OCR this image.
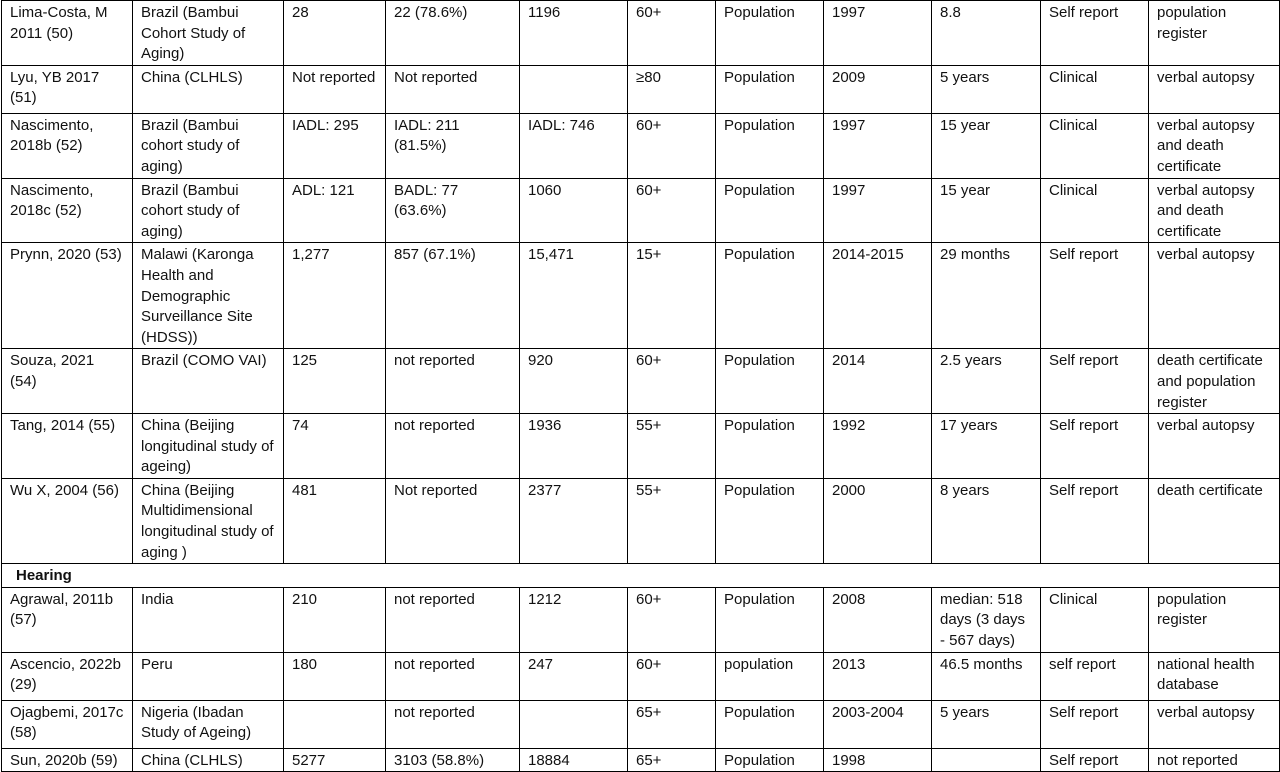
Lima-Costa, M 2011 (50)	Brazil (Bambui Cohort Study of Aging)	28	22 (78.6%)	1196	60+	Population	1997	8.8	Self report	population register
Lyu, YB 2017 (51)	China (CLHLS)	Not reported	Not reported		≥80	Population	2009	5 years	Clinical	verbal autopsy
Nascimento, 2018b (52)	Brazil (Bambui cohort study of aging)	IADL: 295	IADL: 211 (81.5%)	IADL: 746	60+	Population	1997	15 year	Clinical	verbal autopsy and death certificate
Nascimento, 2018c (52)	Brazil (Bambui cohort study of aging)	ADL: 121	BADL: 77 (63.6%)	1060	60+	Population	1997	15 year	Clinical	verbal autopsy and death certificate
Prynn, 2020 (53)	Malawi (Karonga Health and Demographic Surveillance Site (HDSS))	1,277	857 (67.1%)	15,471	15+	Population	2014-2015	29 months	Self report	verbal autopsy
Souza, 2021 (54)	Brazil (COMO VAI)	125	not reported	920	60+	Population	2014	2.5 years	Self report	death certificate and population register
Tang, 2014 (55)	China (Beijing longitudinal study of ageing)	74	not reported	1936	55+	Population	1992	17 years	Self report	verbal autopsy
Wu X, 2004 (56)	China (Beijing Multidimensional longitudinal study of aging )	481	Not reported	2377	55+	Population	2000	8 years	Self report	death certificate
Hearing										
Agrawal, 2011b (57)	India	210	not reported	1212	60+	Population	2008	median: 518 days (3 days - 567 days)	Clinical	population register
Ascencio, 2022b (29)	Peru	180	not reported	247	60+	population	2013	46.5 months	self report	national health database
Ojagbemi, 2017c (58)	Nigeria (Ibadan Study of Ageing)		not reported		65+	Population	2003-2004	5 years	Self report	verbal autopsy
Sun, 2020b (59)	China (CLHLS)	5277	3103 (58.8%)	18884	65+	Population	1998		Self report	not reported
